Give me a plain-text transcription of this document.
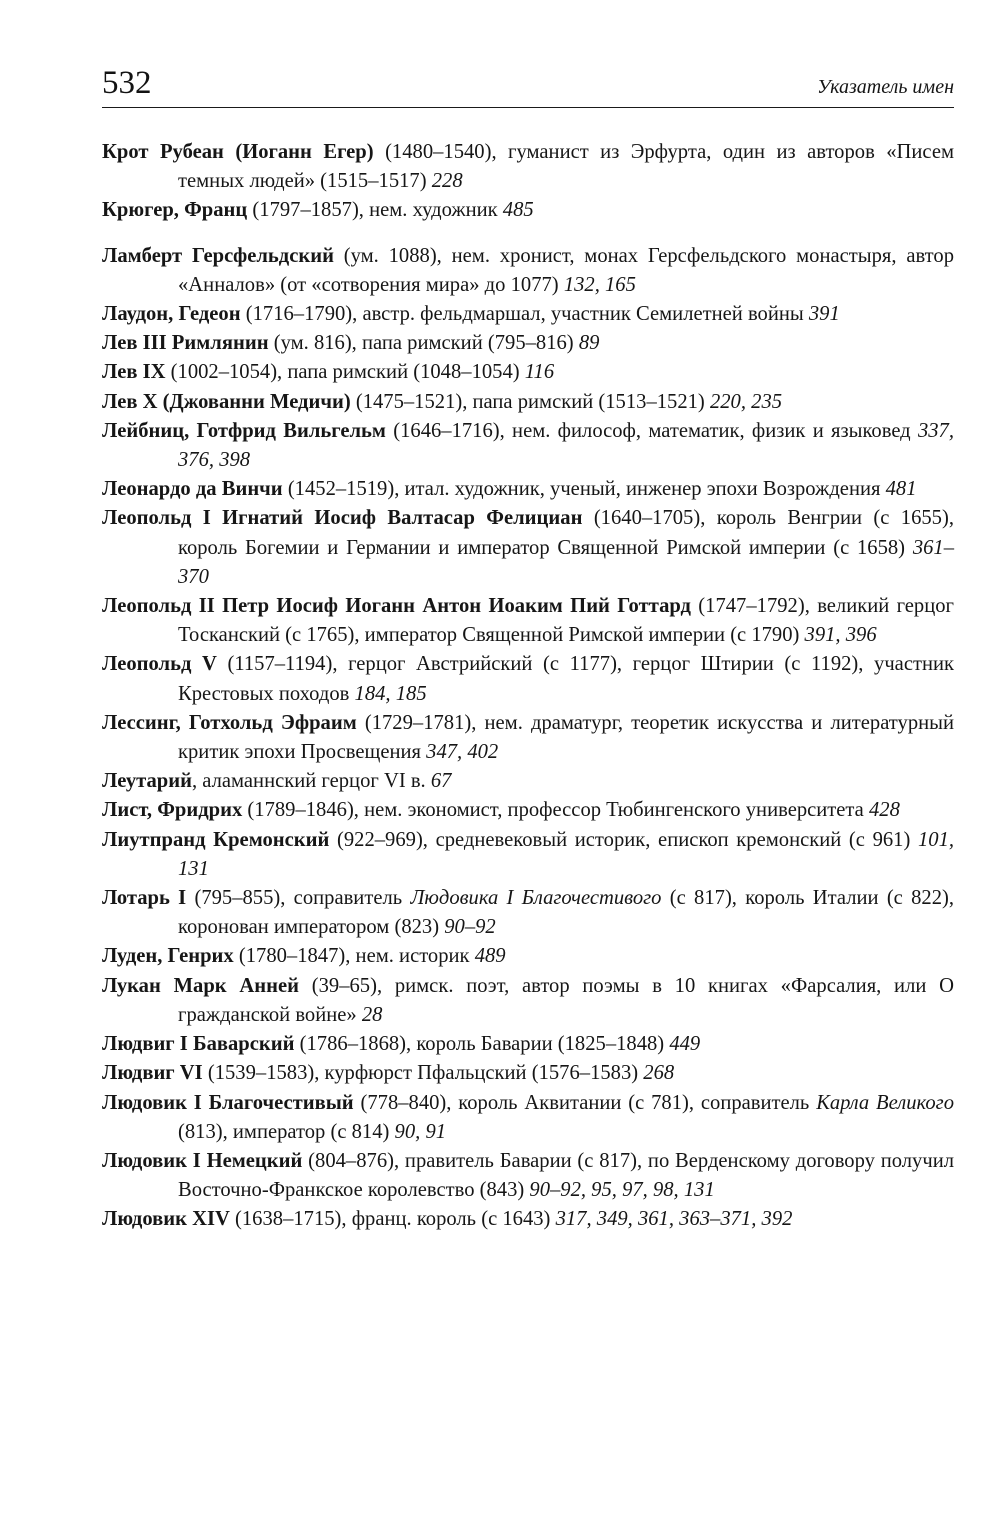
532	Указатель имен

Крот Рубеан (Иоганн Егер) (1480–1540), гуманист из Эрфурта, один из авторов «Писем темных людей» (1515–1517) 228

Крюгер, Франц (1797–1857), нем. художник 485

Ламберт Герсфельдский (ум. 1088), нем. хронист, монах Герсфельдского монастыря, автор «Анналов» (от «сотворения мира» до 1077) 132, 165

Лаудон, Гедеон (1716–1790), австр. фельдмаршал, участник Семилетней войны 391

Лев III Римлянин (ум. 816), папа римский (795–816) 89

Лев IX (1002–1054), папа римский (1048–1054) 116

Лев X (Джованни Медичи) (1475–1521), папа римский (1513–1521) 220, 235

Лейбниц, Готфрид Вильгельм (1646–1716), нем. философ, математик, физик и языковед 337, 376, 398

Леонардо да Винчи (1452–1519), итал. художник, ученый, инженер эпохи Возрождения 481

Леопольд I Игнатий Иосиф Валтасар Фелициан (1640–1705), король Венгрии (с 1655), король Богемии и Германии и император Священной Римской империи (с 1658) 361–370

Леопольд II Петр Иосиф Иоганн Антон Иоаким Пий Готтард (1747–1792), великий герцог Тосканский (с 1765), император Священной Римской империи (с 1790) 391, 396

Леопольд V (1157–1194), герцог Австрийский (с 1177), герцог Штирии (с 1192), участник Крестовых походов 184, 185

Лессинг, Готхольд Эфраим (1729–1781), нем. драматург, теоретик искусства и литературный критик эпохи Просвещения 347, 402

Леутарий, аламаннский герцог VI в. 67

Лист, Фридрих (1789–1846), нем. экономист, профессор Тюбингенского университета 428

Лиутпранд Кремонский (922–969), средневековый историк, епископ кремонский (с 961) 101, 131

Лотарь I (795–855), соправитель Людовика I Благочестивого (с 817), король Италии (с 822), коронован императором (823) 90–92

Луден, Генрих (1780–1847), нем. историк 489

Лукан Марк Анней (39–65), римск. поэт, автор поэмы в 10 книгах «Фарсалия, или О гражданской войне» 28

Людвиг I Баварский (1786–1868), король Баварии (1825–1848) 449

Людвиг VI (1539–1583), курфюрст Пфальцский (1576–1583) 268

Людовик I Благочестивый (778–840), король Аквитании (с 781), соправитель Карла Великого (813), император (с 814) 90, 91

Людовик I Немецкий (804–876), правитель Баварии (с 817), по Верденскому договору получил Восточно-Франкское королевство (843) 90–92, 95, 97, 98, 131

Людовик XIV (1638–1715), франц. король (с 1643) 317, 349, 361, 363–371, 392
